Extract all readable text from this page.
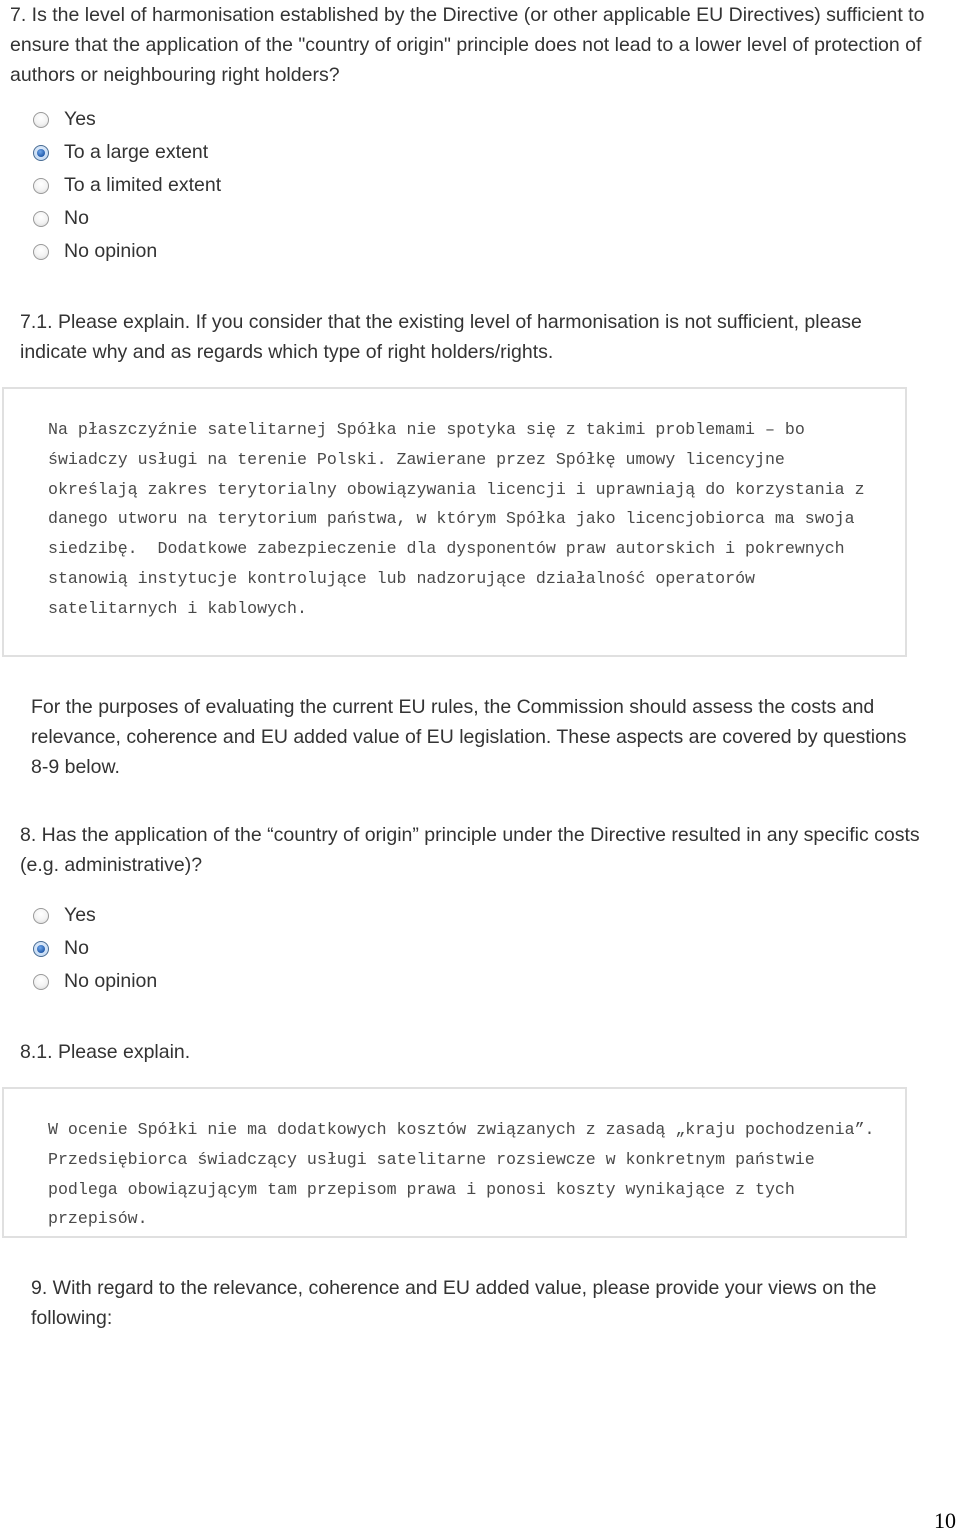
7. Is the level of harmonisation established by the Directive (or other applicable EU Directives) sufficient to ensure that the application of the "country of origin" principle does not lead to a lower level of protection of authors or neighbouring right holders?
Yes
To a large extent
To a limited extent
No
No opinion
7.1. Please explain. If you consider that the existing level of harmonisation is not sufficient, please indicate why and as regards which type of right holders/rights.

Na płaszczyźnie satelitarnej Spółka nie spotyka się z takimi problemami – bo świadczy usługi na terenie Polski. Zawierane przez Spółkę umowy licencyjne określają zakres terytorialny obowiązywania licencji i uprawniają do korzystania z danego utworu na terytorium państwa, w którym Spółka jako licencjobiorca ma swoja siedzibę.  Dodatkowe zabezpieczenie dla dysponentów praw autorskich i pokrewnych stanowią instytucje kontrolujące lub nadzorujące działalność operatorów satelitarnych i kablowych.

For the purposes of evaluating the current EU rules, the Commission should assess the costs and relevance, coherence and EU added value of EU legislation. These aspects are covered by questions 8-9 below.
8. Has the application of the “country of origin” principle under the Directive resulted in any specific costs (e.g. administrative)?
Yes
No
No opinion
8.1. Please explain.

W ocenie Spółki nie ma dodatkowych kosztów związanych z zasadą „kraju pochodzenia”. Przedsiębiorca świadczący usługi satelitarne rozsiewcze w konkretnym państwie podlega obowiązującym tam przepisom prawa i ponosi koszty wynikające z tych przepisów.

9. With regard to the relevance, coherence and EU added value, please provide your views on the following:
10
